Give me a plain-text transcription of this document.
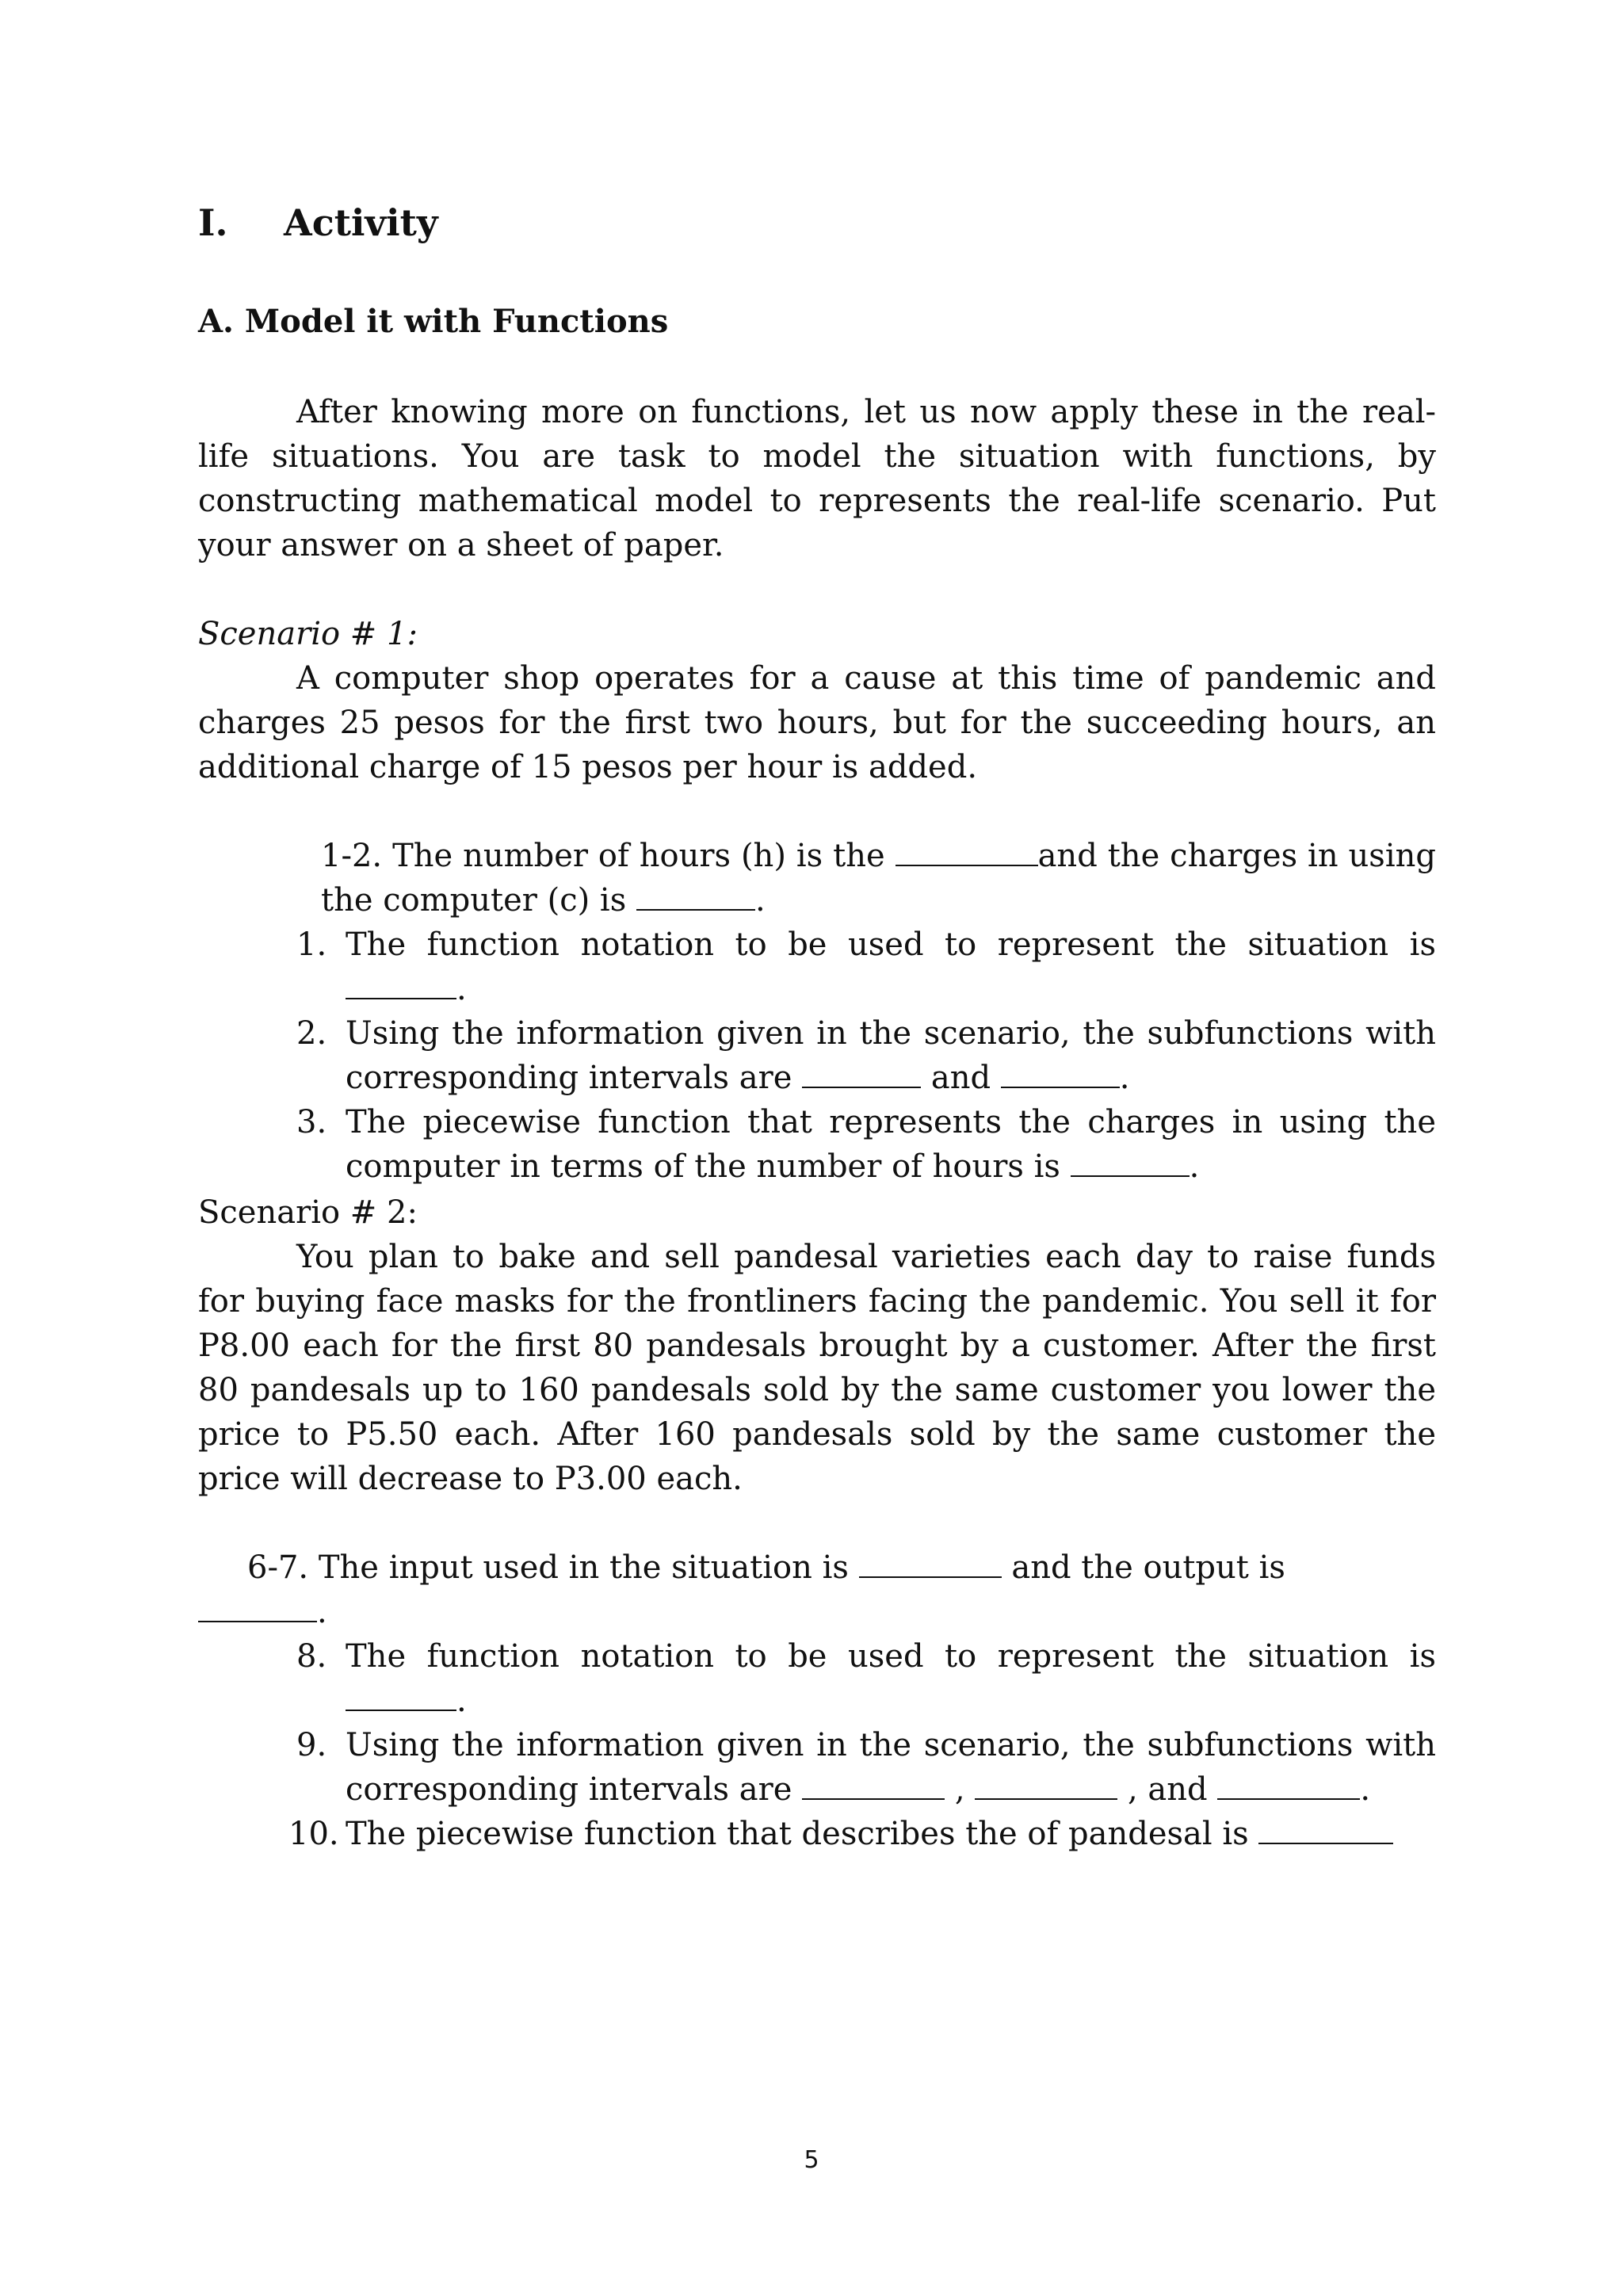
I. Activity
A. Model it with Functions

After knowing more on functions, let us now apply these in the real-life situations. You are task to model the situation with functions, by constructing mathematical model to represents the real-life scenario. Put your answer on a sheet of paper.

Scenario # 1:

A computer shop operates for a cause at this time of pandemic and charges 25 pesos for the first two hours, but for the succeeding hours, an additional charge of 15 pesos per hour is added.

1-2. The number of hours (h) is the	and the charges in using the computer (c) is	.
1. The function notation to be used to represent the situation is .
2. Using the information given in the scenario, the subfunctions with corresponding intervals are	and	.
3. The piecewise function that represents the charges in using the computer in terms of the number of hours is	.

Scenario # 2:

You plan to bake and sell pandesal varieties each day to raise funds for buying face masks for the frontliners facing the pandemic. You sell it for P8.00 each for the first 80 pandesals brought by a customer. After the first 80 pandesals up to 160 pandesals sold by the same customer you lower the price to P5.50 each. After 160 pandesals sold by the same customer the price will decrease to P3.00 each.

6-7. The input used in the situation is	and the output is
.
8. The function notation to be used to represent the situation is .
9. Using the information given in the scenario, the subfunctions with corresponding intervals are	,	, and	.
10. The piecewise function that describes the of pandesal is
5
